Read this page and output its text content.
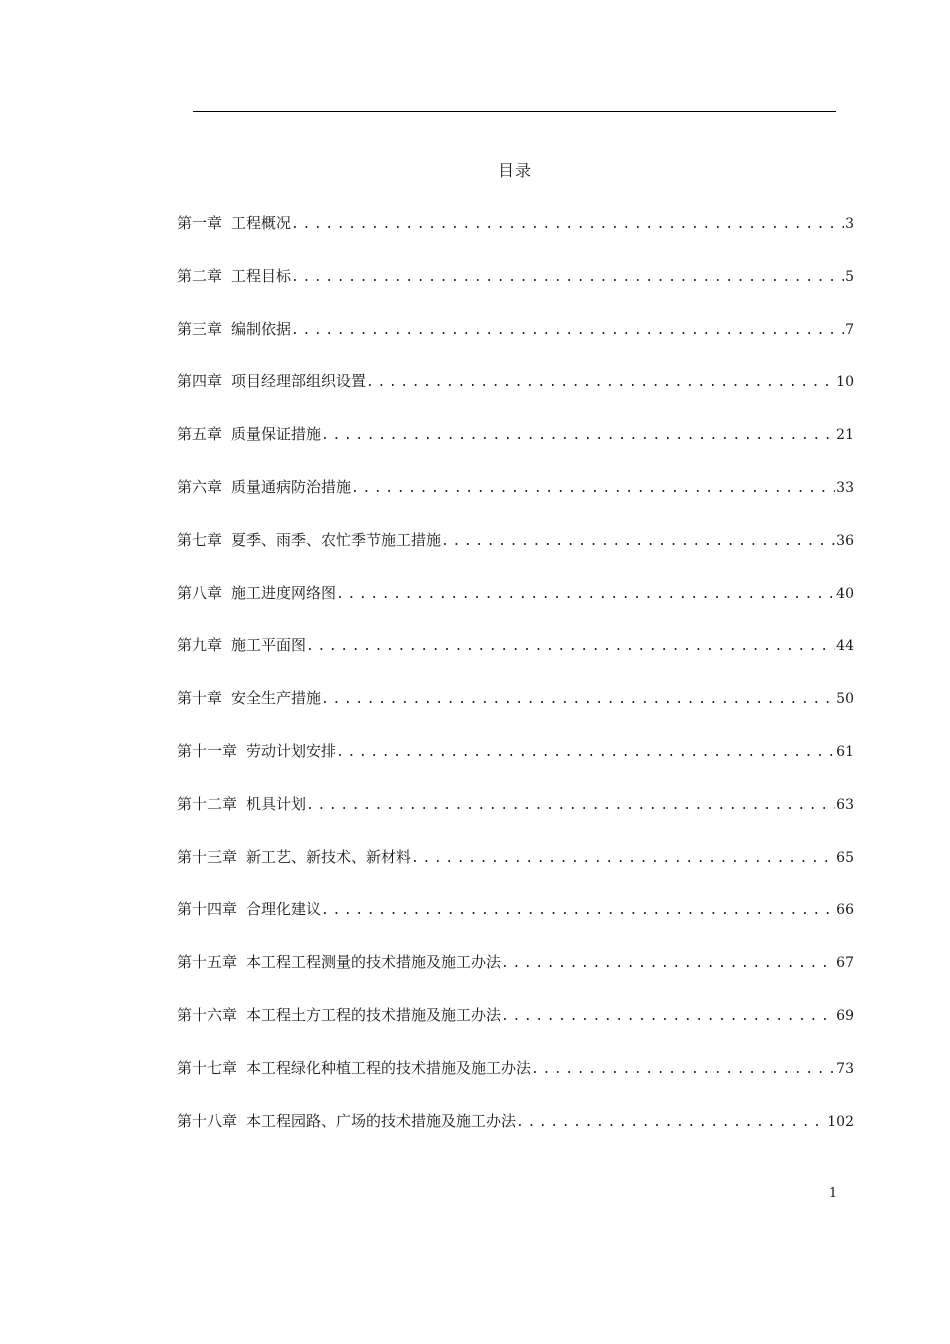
目录
第一章 工程概况 .....	3
第二章 工程目标 .....	5
第三章 编制依据 .....	7
第四章 项目经理部组织设置 .....	10
第五章 质量保证措施 .....	21
第六章 质量通病防治措施 .....	33
第七章 夏季、雨季、农忙季节施工措施 .....	36
第八章 施工进度网络图 .....	40
第九章 施工平面图 .....	44
第十章 安全生产措施 .....	50
第十一章 劳动计划安排 .....	61
第十二章 机具计划 .....	63
第十三章 新工艺、新技术、新材料 .....	65
第十四章 合理化建议 .....	66
第十五章 本工程工程测量的技术措施及施工办法 .....	67
第十六章 本工程土方工程的技术措施及施工办法 .....	69
第十七章 本工程绿化种植工程的技术措施及施工办法 .....	73
第十八章 本工程园路、广场的技术措施及施工办法 .....	102
1
